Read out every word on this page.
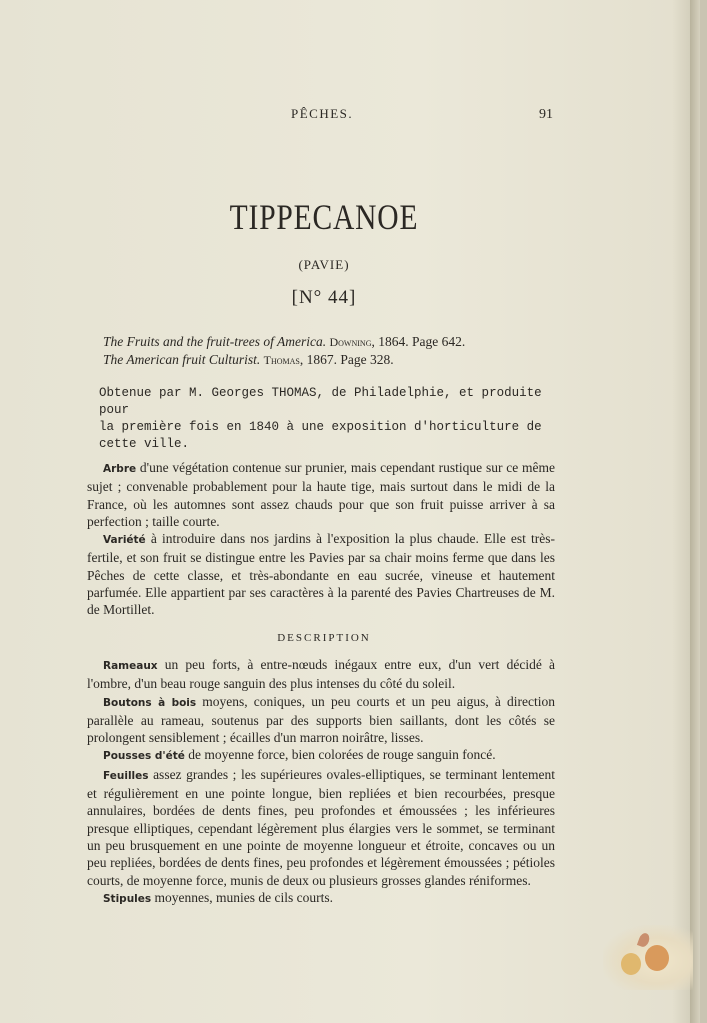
PÊCHES.	91
TIPPECANOE
(PAVIE)
[N° 44]
The Fruits and the fruit-trees of America. Downing, 1864. Page 642.
The American fruit Culturist. Thomas, 1867. Page 328.
Obtenue par M. Georges THOMAS, de Philadelphie, et produite pour
la première fois en 1840 à une exposition d'horticulture de cette ville.

Arbre d'une végétation contenue sur prunier, mais cependant rustique sur ce même sujet ; convenable probablement pour la haute tige, mais surtout dans le midi de la France, où les automnes sont assez chauds pour que son fruit puisse arriver à sa perfection ; taille courte.

Variété à introduire dans nos jardins à l'exposition la plus chaude. Elle est très-fertile, et son fruit se distingue entre les Pavies par sa chair moins ferme que dans les Pêches de cette classe, et très-abondante en eau sucrée, vineuse et hautement parfumée. Elle appartient par ses caractères à la parenté des Pavies Chartreuses de M. de Mortillet.

DESCRIPTION

Rameaux un peu forts, à entre-nœuds inégaux entre eux, d'un vert décidé à l'ombre, d'un beau rouge sanguin des plus intenses du côté du soleil.

Boutons à bois moyens, coniques, un peu courts et un peu aigus, à direction parallèle au rameau, soutenus par des supports bien saillants, dont les côtés se prolongent sensiblement ; écailles d'un marron noirâtre, lisses.

Pousses d'été de moyenne force, bien colorées de rouge sanguin foncé.

Feuilles assez grandes ; les supérieures ovales-elliptiques, se terminant lentement et régulièrement en une pointe longue, bien repliées et bien recourbées, presque annulaires, bordées de dents fines, peu profondes et émoussées ; les inférieures presque elliptiques, cependant légèrement plus élargies vers le sommet, se terminant un peu brusquement en une pointe de moyenne longueur et étroite, concaves ou un peu repliées, bordées de dents fines, peu profondes et légèrement émoussées ; pétioles courts, de moyenne force, munis de deux ou plusieurs grosses glandes réniformes.

Stipules moyennes, munies de cils courts.
